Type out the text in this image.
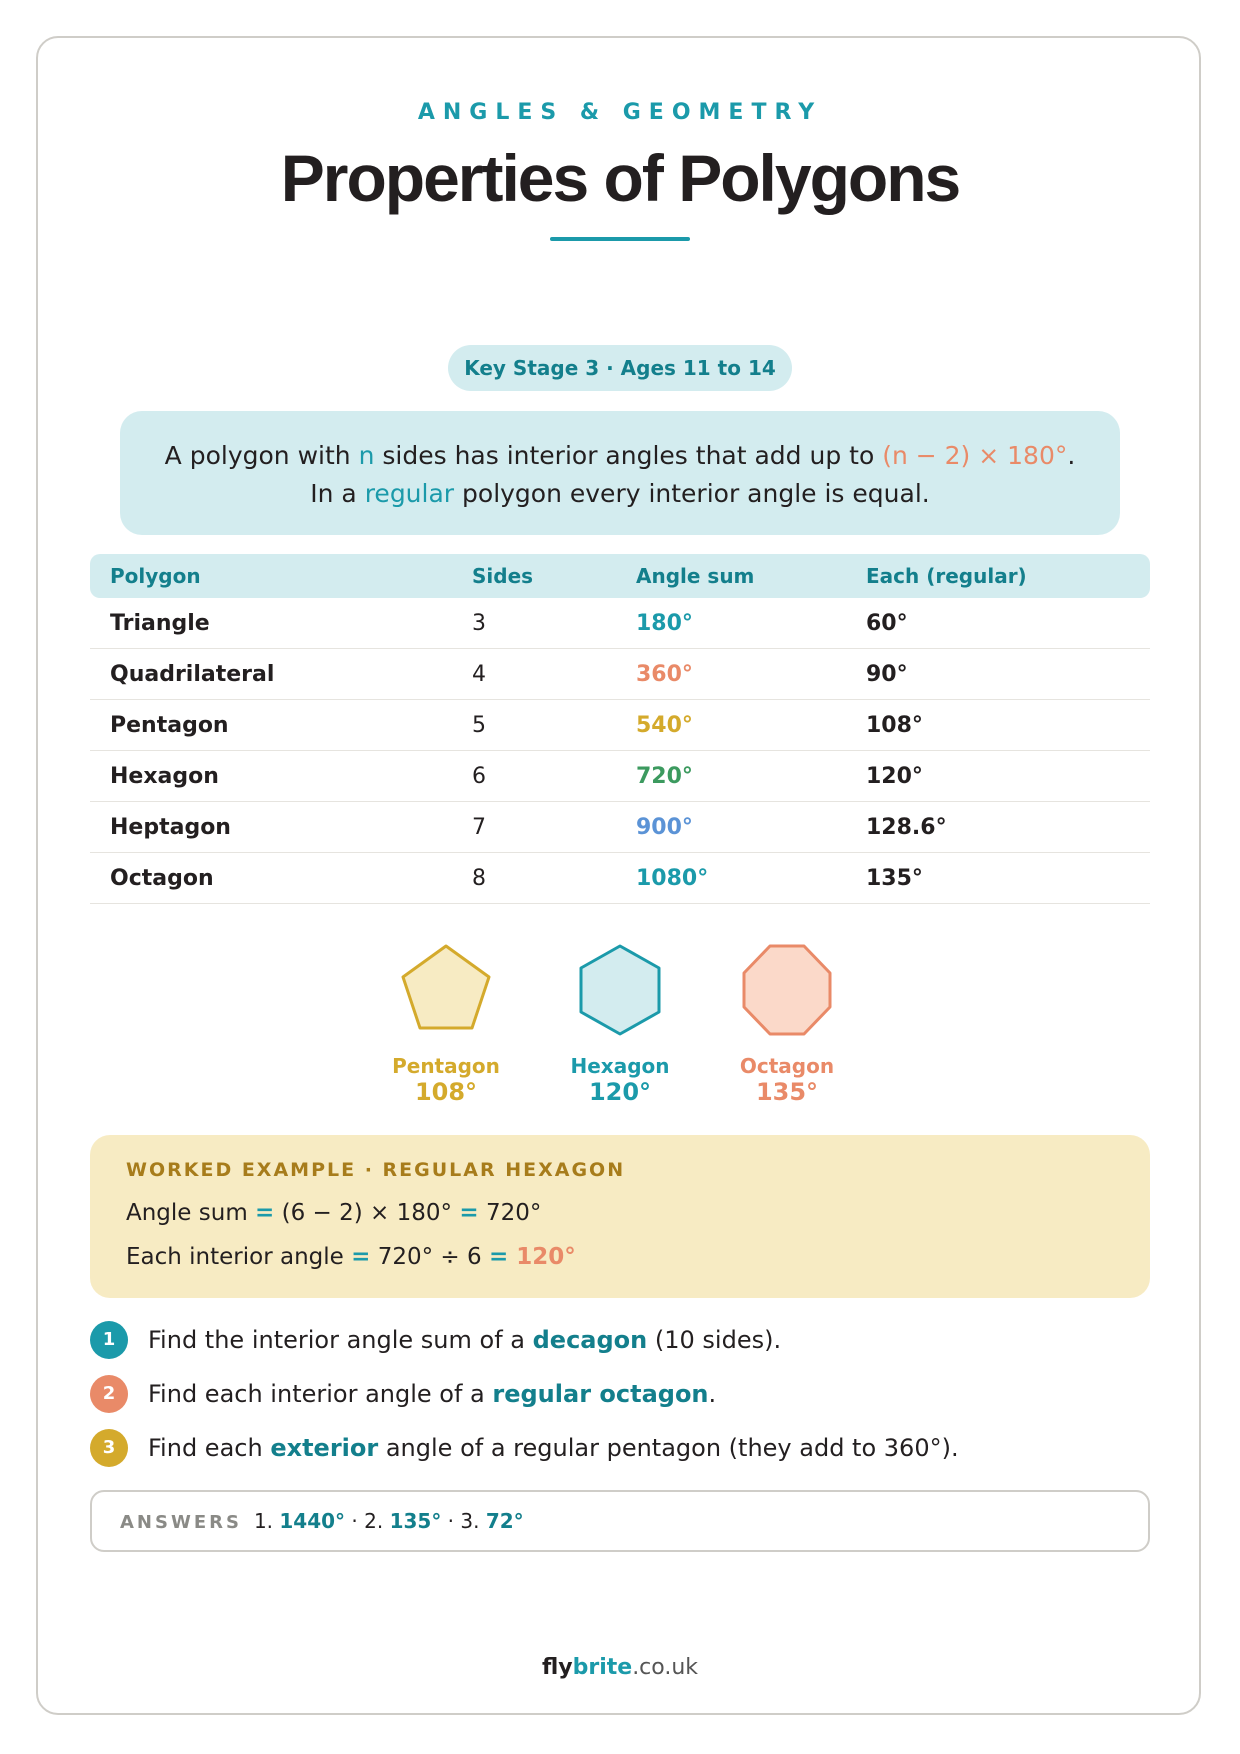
ANGLES & GEOMETRY
Properties of Polygons
Key Stage 3 · Ages 11 to 14
A polygon with n sides has interior angles that add up to (n − 2) × 180°. In a regular polygon every interior angle is equal.
Polygon	Sides	Angle sum	Each (regular)
Triangle	3	180°	60°
Quadrilateral	4	360°	90°
Pentagon	5	540°	108°
Hexagon	6	720°	120°
Heptagon	7	900°	128.6°
Octagon	8	1080°	135°
Pentagon
108°
Hexagon
120°
Octagon
135°
WORKED EXAMPLE · REGULAR HEXAGON
Angle sum = (6 − 2) × 180° = 720°
Each interior angle = 720° ÷ 6 = 120°
1	Find the interior angle sum of a decagon (10 sides).
2	Find each interior angle of a regular octagon.
3	Find each exterior angle of a regular pentagon (they add to 360°).
ANSWERS 1. 1440° · 2. 135° · 3. 72°
flybrite.co.uk
